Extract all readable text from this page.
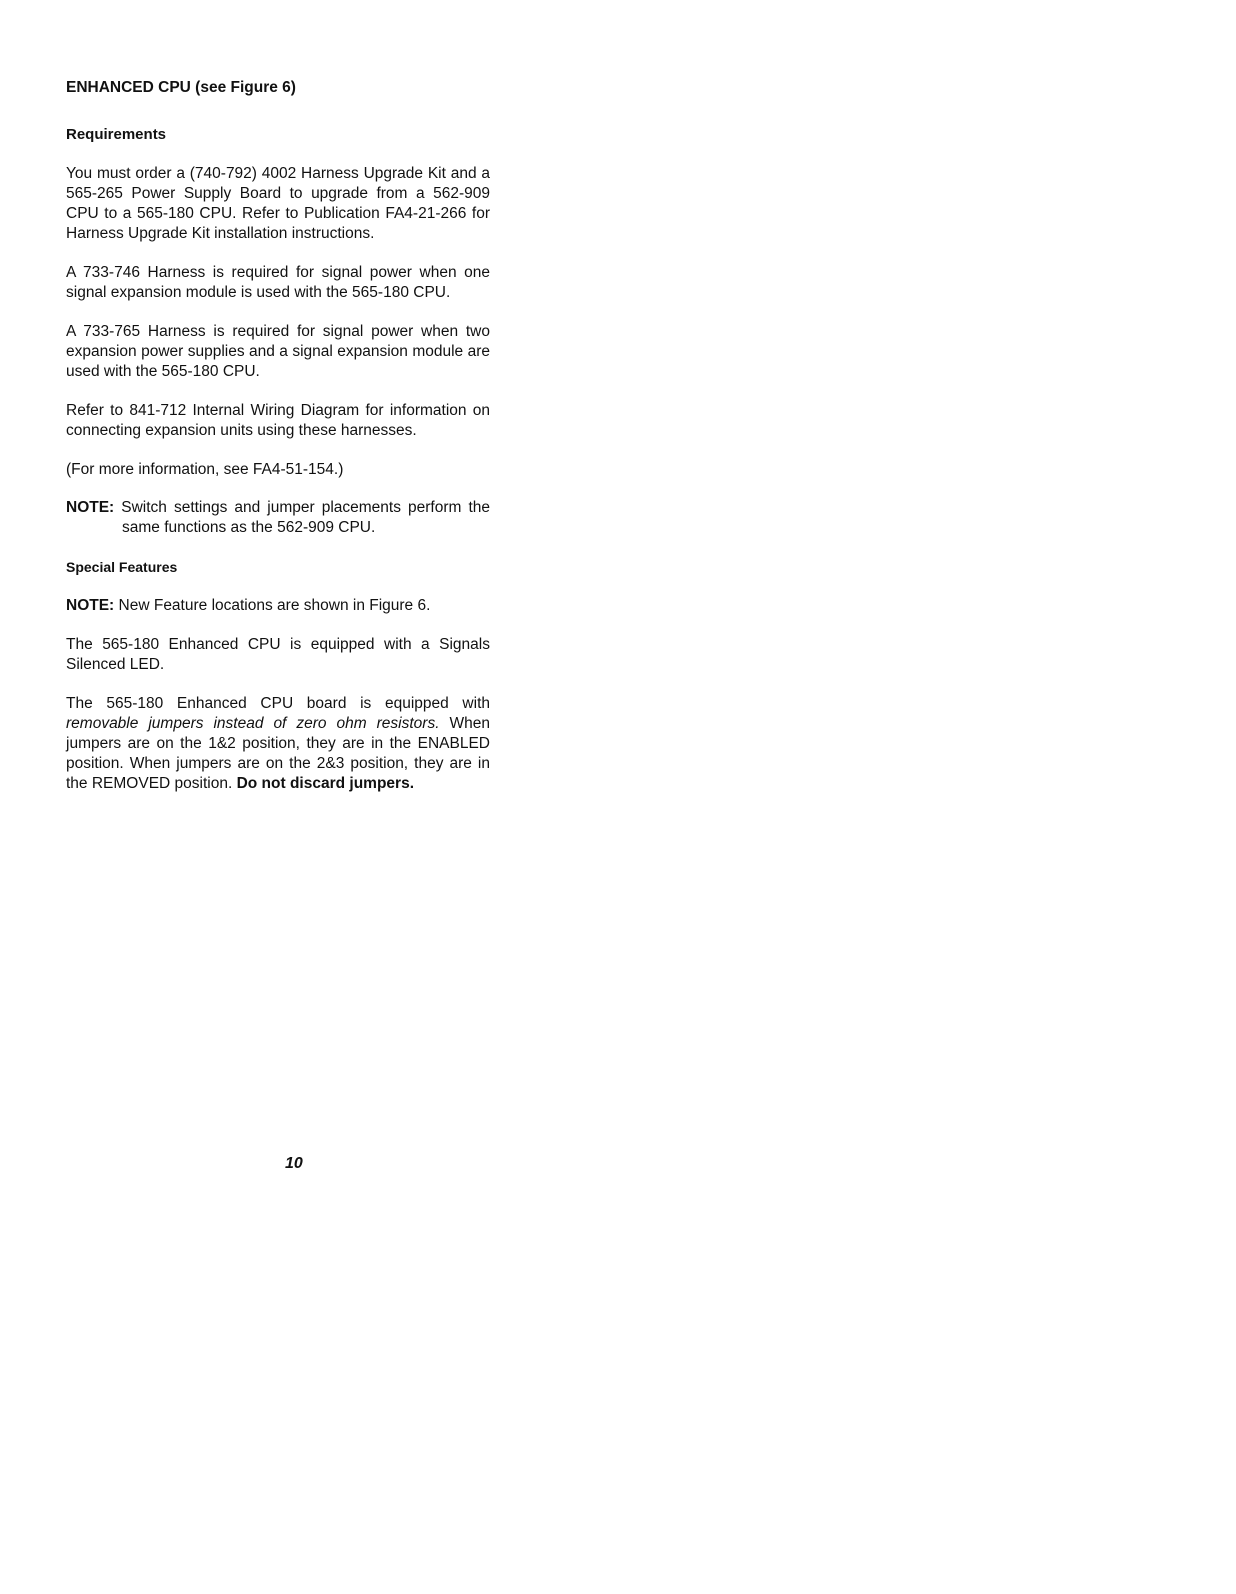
ENHANCED CPU (see Figure 6)
Requirements

You must order a (740-792) 4002 Harness Upgrade Kit and a 565-265 Power Supply Board to upgrade from a 562-909 CPU to a 565-180 CPU. Refer to Publication FA4-21-266 for Harness Upgrade Kit installation instructions.

A 733-746 Harness is required for signal power when one signal expansion module is used with the 565-180 CPU.

A 733-765 Harness is required for signal power when two expansion power supplies and a signal expansion module are used with the 565-180 CPU.

Refer to 841-712 Internal Wiring Diagram for information on connecting expansion units using these harnesses.

(For more information, see FA4-51-154.)

NOTE: Switch settings and jumper placements perform the same functions as the 562-909 CPU.
Special Features
NOTE: New Feature locations are shown in Figure 6.

The 565-180 Enhanced CPU is equipped with a Signals Silenced LED.

The 565-180 Enhanced CPU board is equipped with removable jumpers instead of zero ohm resistors. When jumpers are on the 1&2 position, they are in the ENABLED position. When jumpers are on the 2&3 position, they are in the REMOVED position. Do not discard jumpers.

10
